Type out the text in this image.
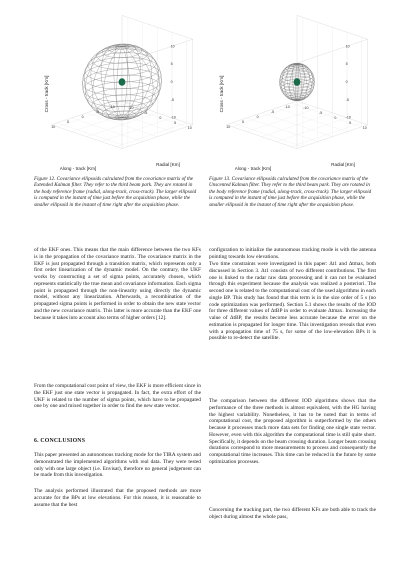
10
5
0
-5
-10
Cross - track [Km]
10
5
0
-5
-10
Along - track [Km]
-10
-5
0
5
10
Radial [Km]

Figure 12. Covariance ellipsoids calculated from the covariance matrix of the Extended Kalman filter. They refer to the third beam park. They are rotated in the body reference frame (radial, along-track, cross-track). The larger ellipsoid is computed in the instant of time just before the acquisition phase, while the smaller ellipsoid in the instant of time right after the acquisition phase.

of the EKF ones. This means that the main difference between the two KFs is in the propagation of the covariance matrix. The covariance matrix in the EKF is just propagated through a transition matrix, which represents only a first order linearization of the dynamic model. On the contrary, the UKF works by constructing a set of sigma points, accurately chosen, which represents statistically the true mean and covariance information. Each sigma point is propagated through the non-linearity using directly the dynamic model, without any linearization. Afterwards, a recombination of the propagated sigma points is performed in order to obtain the new state vector and the new covariance matrix. This latter is more accurate than the EKF one because it takes into account also terms of higher orders [12].

From the computational cost point of view, the EKF is more efficient since in the EKF just one state vector is propagated. In fact, the extra effort of the UKF is related to the number of sigma points, which have to be propagated one by one and mixed together in order to find the new state vector.

6. CONCLUSIONS

This paper presented an autonomous tracking mode for the TIRA system and demonstrated the implemented algorithms with real data. They were tested only with one large object (i.e. Envisat), therefore no general judgement can be made from this investigation.

The analysis performed illustrated that the proposed methods are more accurate for the BPs at low elevations. For this reason, it is reasonable to assume that the best

10
5
0
-5
-10
Cross - track [Km]
10
5
0
-5
-10
Along - track [Km]
-10
-5
0
5
10
Radial [Km]

Figure 13. Covariance ellipsoids calculated from the covariance matrix of the Unscented Kalman filter. They refer to the third beam park. They are rotated in the body reference frame (radial, along-track, cross-track). The larger ellipsoid is computed in the instant of time just before the acquisition phase, while the smaller ellipsoid in the instant of time right after the acquisition phase.

configuration to initialize the autonomous tracking mode is with the antenna pointing towards low elevations.

Two time constraints were investigated in this paper: Δt1 and Δtmax, both discussed in Section 3. Δt1 consists of two different contributions. The first one is linked to the radar raw data processing and it can not be evaluated through this experiment because the analysis was realized a posteriori. The second one is related to the computational cost of the used algorithms in each single BP. This study has found that this term is in the size order of 5 s (no code optimization was performed). Section 5.1 shows the results of the IOD for three different values of ΔtBP in order to evaluate Δtmax. Increasing the value of ΔtBP, the results become less accurate because the error on the estimation is propagated for longer time. This investigation reveals that even with a propagation time of 75 s, for some of the low-elevation BPs it is possible to re-detect the satellite.

The comparison between the different IOD algorithms shows that the performance of the three methods is almost equivalent, with the HG having the highest variability. Nonetheless, it has to be noted that in terms of computational cost, the proposed algorithm is outperformed by the others because it processes much more data sets for finding one single state vector. However, even with this algorithm the computational time is still quite short. Specifically, it depends on the beam crossing duration. Longer beam crossing durations correspond to more measurements to process and consequently the computational time increases. This time can be reduced in the future by some optimization processes.

Concerning the tracking part, the two different KFs are both able to track the object during almost the whole pass,
